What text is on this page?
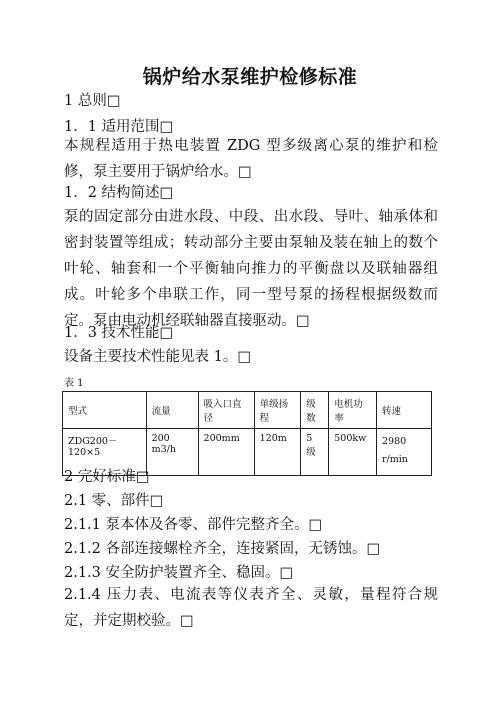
锅炉给水泵维护检修标准
1 总则□
1．1 适用范围□
本规程适用于热电装置 ZDG 型多级离心泵的维护和检修，泵主要用于锅炉给水。□
1．2 结构简述□
泵的固定部分由进水段、中段、出水段、导叶、轴承体和密封装置等组成；转动部分主要由泵轴及装在轴上的数个叶轮、轴套和一个平衡轴向推力的平衡盘以及联轴器组成。叶轮多个串联工作，同一型号泵的扬程根据级数而定。泵由电动机经联轴器直接驱动。□
1．3 技术性能□
设备主要技术性能见表 1。□
表 1
型式	流量	吸入口直径	单级扬程	级数	电机功率	转速
ZDG200－120×5	200 m3/h	200mm	120m	5 级	500kw	2980 r/min
2 完好标准□
2.1 零、部件□
2.1.1 泵本体及各零、部件完整齐全。□
2.1.2 各部连接螺栓齐全，连接紧固，无锈蚀。□
2.1.3 安全防护装置齐全、稳固。□
2.1.4 压力表、电流表等仪表齐全、灵敏，量程符合规定，并定期校验。□
